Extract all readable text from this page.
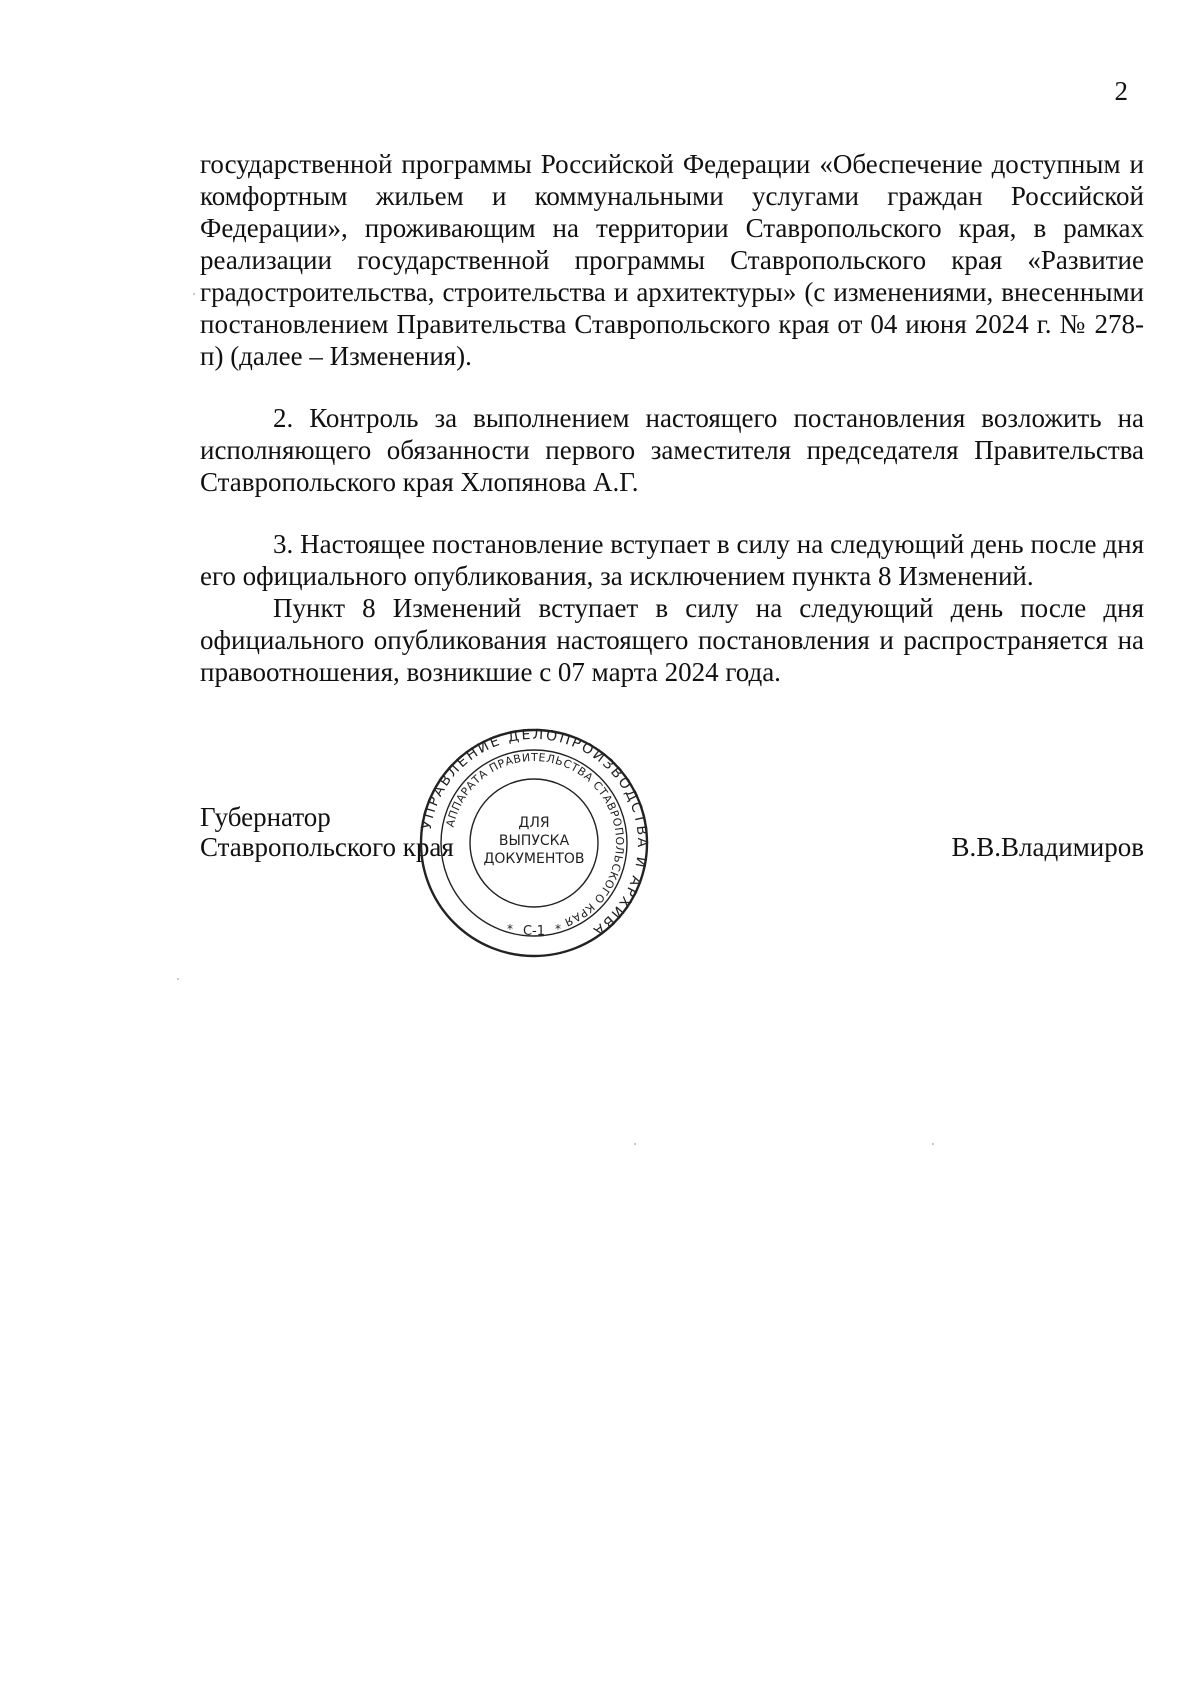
2

государственной программы Российской Федерации «Обеспечение доступным и комфортным жильем и коммунальными услугами граждан Российской Федерации», проживающим на территории Ставропольского края, в рамках реализации государственной программы Ставропольского края «Развитие градостроительства, строительства и архитектуры» (с изменениями, внесенными постановлением Правительства Ставропольского края от 04 июня 2024 г. № 278-п) (далее – Изменения).

2. Контроль за выполнением настоящего постановления возложить на исполняющего обязанности первого заместителя председателя Правительства Ставропольского края Хлопянова А.Г.

3. Настоящее постановление вступает в силу на следующий день после дня его официального опубликования, за исключением пункта 8 Изменений.

Пункт 8 Изменений вступает в силу на следующий день после дня официального опубликования настоящего постановления и распространяется на правоотношения, возникшие с 07 марта 2024 года.

Губернатор
Ставропольского края	В.В.Владимиров
УПРАВЛЕНИЕ ДЕЛОПРОИЗВОДСТВА И АРХИВА
АППАРАТА ПРАВИТЕЛЬСТВА СТАВРОПОЛЬСКОГО КРАЯ
ДЛЯ
ВЫПУСКА
ДОКУМЕНТОВ
С-1
*	*
